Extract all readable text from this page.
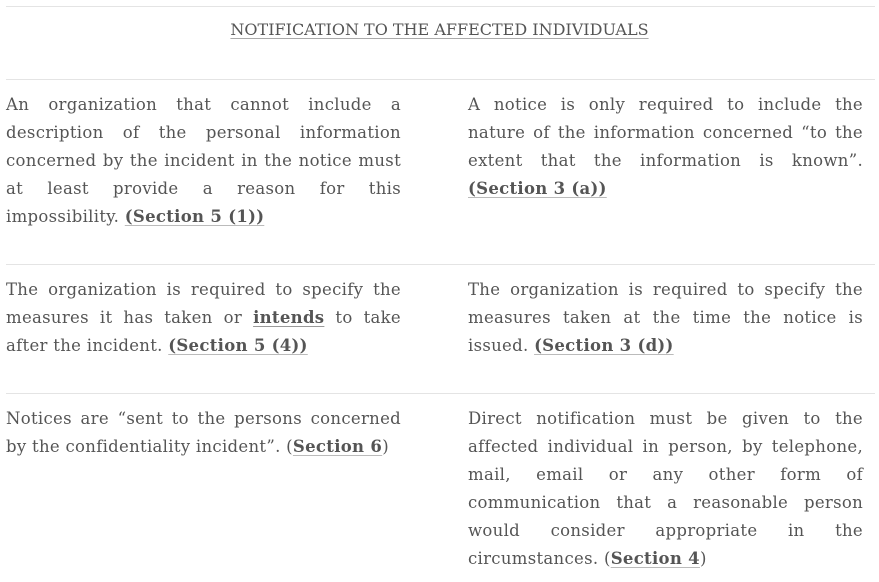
NOTIFICATION TO THE AFFECTED INDIVIDUALS
An organization that cannot include a description of the personal information concerned by the incident in the notice must at least provide a reason for this impossibility. (Section 5 (1))
A notice is only required to include the nature of the information concerned “to the extent that the information is known”. (Section 3 (a))
The organization is required to specify the measures it has taken or intends to take after the incident. (Section 5 (4))
The organization is required to specify the measures taken at the time the notice is issued. (Section 3 (d))
Notices are “sent to the persons concerned by the confidentiality incident”. (Section 6)
Direct notification must be given to the affected individual in person, by telephone, mail, email or any other form of communication that a reasonable person would consider appropriate in the circumstances. (Section 4)
